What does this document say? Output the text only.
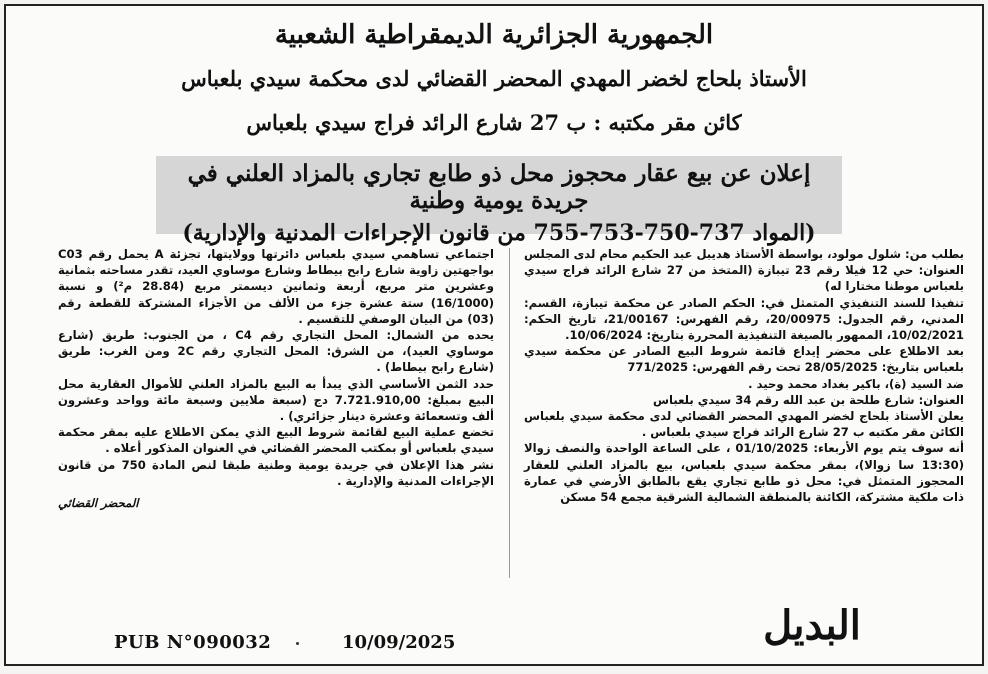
الجمهورية الجزائرية الديمقراطية الشعبية
الأستاذ بلحاج لخضر المهدي المحضر القضائي لدى محكمة سيدي بلعباس
كائن مقر مكتبه : ب 27 شارع الرائد فراج سيدي بلعباس
إعلان عن بيع عقار محجوز محل ذو طابع تجاري بالمزاد العلني في جريدة يومية وطنية
(المواد 737-750-753-755 من قانون الإجراءات المدنية والإدارية)

بطلب من: شلول مولود، بواسطة الأستاذ هديبل عبد الحكيم محام لدى المجلس

العنوان: حي 12 فيلا رقم 23 تيبازة (المتخذ من 27 شارع الرائد فراج سيدي بلعباس موطنا مختارا له)

تنفيذا للسند التنفيذي المتمثل في: الحكم الصادر عن محكمة تيبازة، القسم: المدني، رقم الجدول: 20/00975، رقم الفهرس: 21/00167، تاريخ الحكم: 10/02/2021، الممهور بالصيغة التنفيذية المحررة بتاريخ: 10/06/2024.

بعد الاطلاع على محضر إيداع قائمة شروط البيع الصادر عن محكمة سيدي بلعباس بتاريخ: 28/05/2025 تحت رقم الفهرس: 771/2025

ضد السيد (ة)، باكير بغداد محمد وحيد .

العنوان: شارع طلحة بن عبد الله رقم 34 سيدي بلعباس

يعلن الأستاذ بلحاج لخضر المهدي المحضر القضائي لدى محكمة سيدي بلعباس الكائن مقر مكتبه ب 27 شارع الرائد فراج سيدي بلعباس .

أنه سوف يتم يوم الأربعاء: 01/10/2025 ، على الساعة الواحدة والنصف زوالا (13:30 سا زوالا)، بمقر محكمة سيدي بلعباس، بيع بالمزاد العلني للعقار المحجوز المتمثل في: محل ذو طابع تجاري يقع بالطابق الأرضي في عمارة ذات ملكية مشتركة، الكائنة بالمنطقة الشمالية الشرقية مجمع 54 مسكن

اجتماعي تساهمي سيدي بلعباس دائرتها وولايتها، تجزئة A يحمل رقم C03 بواجهتين زاوية شارع رابح بيطاط وشارع موساوي العيد، تقدر مساحته بثمانية وعشرين متر مربع، أربعة وثمانين ديسمتر مربع (28.84 م²) و نسبة (16/1000) ستة عشرة جزء من الألف من الأجزاء المشتركة للقطعة رقم (03) من البيان الوصفي للتقسيم .

يحده من الشمال: المحل التجاري رقم C4 ، من الجنوب: طريق (شارع موساوي العيد)، من الشرق: المحل التجاري رقم 2C ومن الغرب: طريق (شارع رابح بيطاط) .

حدد الثمن الأساسي الذي يبدأ به البيع بالمزاد العلني للأموال العقارية محل البيع بمبلغ: 7.721.910,00 دج (سبعة ملايين وسبعة مائة وواحد وعشرون ألف وتسعمائة وعشرة دينار جزائري) .

تخضع عملية البيع لقائمة شروط البيع الذي يمكن الاطلاع عليه بمقر محكمة سيدي بلعباس أو بمكتب المحضر القضائي في العنوان المذكور أعلاه .

نشر هذا الإعلان في جريدة يومية وطنية طبقا لنص المادة 750 من قانون الإجراءات المدنية والإدارية .

المحضر القضائي

البديل
PUB N°090032	10/09/2025
